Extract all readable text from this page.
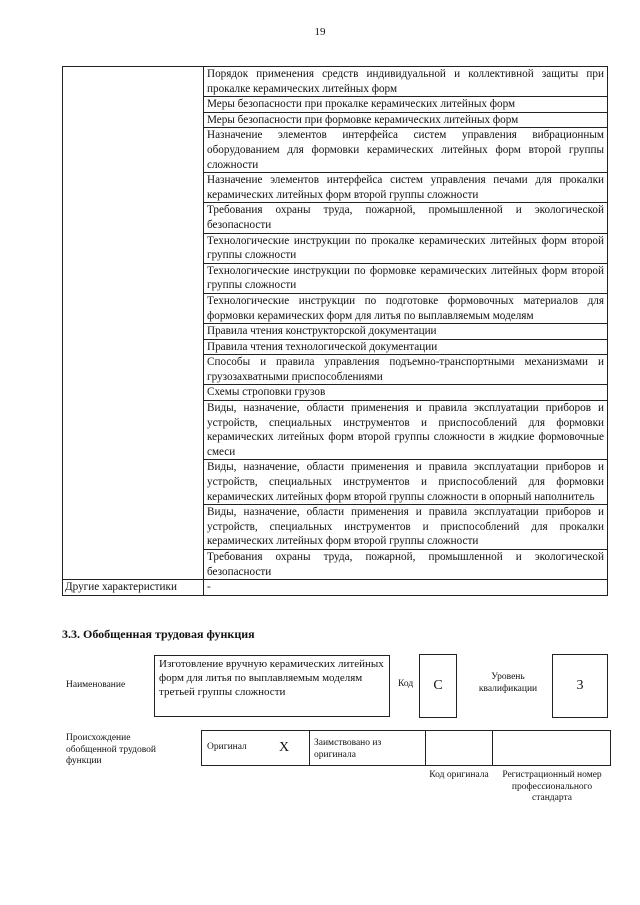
19
	Порядок применения средств индивидуальной и коллективной защиты при прокалке керамических литейных форм
	Меры безопасности при прокалке керамических литейных форм
	Меры безопасности при формовке керамических литейных форм
	Назначение элементов интерфейса систем управления вибрационным оборудованием для формовки керамических литейных форм второй группы сложности
	Назначение элементов интерфейса систем управления печами для прокалки керамических литейных форм второй группы сложности
	Требования охраны труда, пожарной, промышленной и экологической безопасности
	Технологические инструкции по прокалке керамических литейных форм второй группы сложности
	Технологические инструкции по формовке керамических литейных форм второй группы сложности
	Технологические инструкции по подготовке формовочных материалов для формовки керамических форм для литья по выплавляемым моделям
	Правила чтения конструкторской документации
	Правила чтения технологической документации
	Способы и правила управления подъемно-транспортными механизмами и грузозахватными приспособлениями
	Схемы строповки грузов
	Виды, назначение, области применения и правила эксплуатации приборов и устройств, специальных инструментов и приспособлений для формовки керамических литейных форм второй группы сложности в жидкие формовочные смеси
	Виды, назначение, области применения и правила эксплуатации приборов и устройств, специальных инструментов и приспособлений для формовки керамических литейных форм второй группы сложности в опорный наполнитель
	Виды, назначение, области применения и правила эксплуатации приборов и устройств, специальных инструментов и приспособлений для прокалки керамических литейных форм второй группы сложности
	Требования охраны труда, пожарной, промышленной и экологической безопасности
Другие характеристики	-
3.3. Обобщенная трудовая функция
Наименование
Изготовление вручную керамических литейных форм для литья по выплавляемым моделям третьей группы сложности
Код C
Уровень квалификации	3
Происхождение обобщенной трудовой функции
Оригинал X	Заимствовано из оригинала
Код оригинала	Регистрационный номер профессионального стандарта
